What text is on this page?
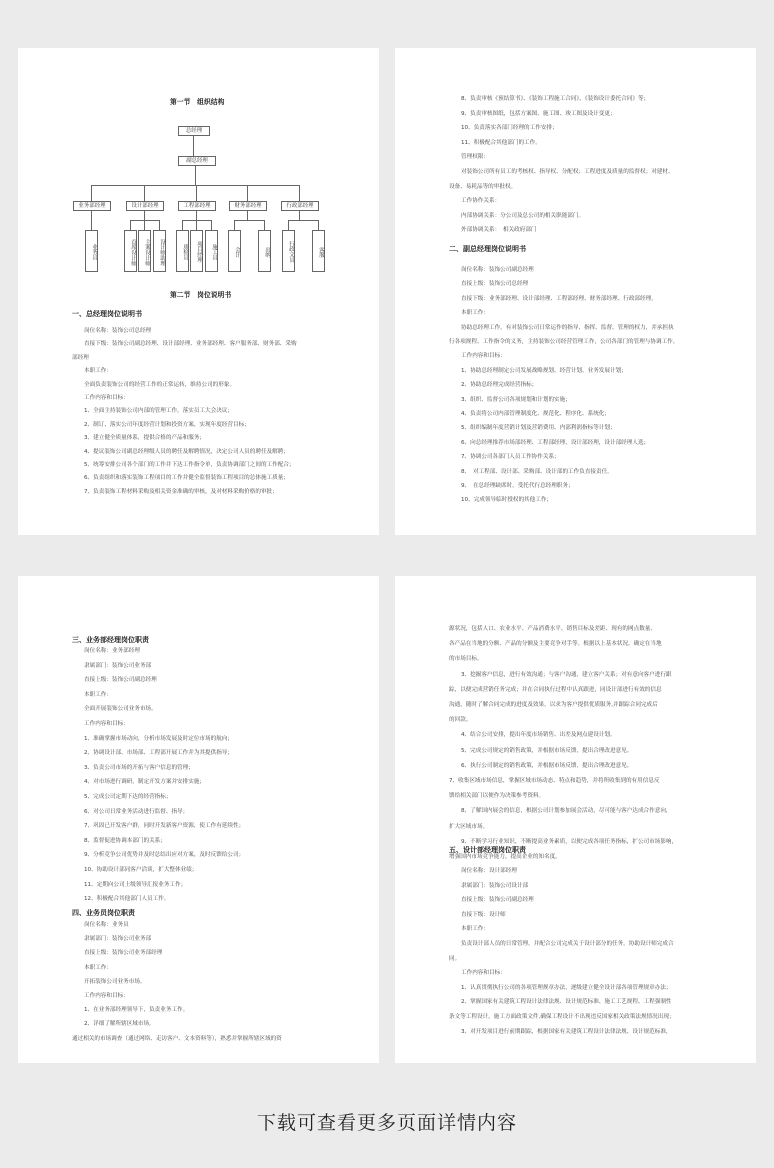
第一节　组织结构
总经理
副总经理
业务部经理	设计部经理	工程部经理	财务部经理	行政部经理
业务员	首席设计师	主案设计师	设计师助理	质检员	项目经理	施工员	会计	出纳	行政文员	客服
第二节　岗位说明书
一、总经理岗位说明书
岗位名称：装饰公司总经理
直接下级：装饰公司副总经理、设计部经理、业务部经理、客户服务部、财务部、采购
部经理
本职工作：
全面负责装饰公司的经营工作的正常运转，维持公司的形象。
工作内容和目标：
1、全面主持装饰公司内部的管理工作，落实员工大会决议；
2、制订、落实公司年度经营计划和投资方案，实现年度经营目标；
3、建立健全质量体系，提供合格的产品和服务；
4、提议装饰公司副总经理级人员的聘任及解聘情况，决定公司人员的聘任及解聘；
5、统筹安排公司各个部门的工作并下达工作指令单，负责协调部门之间的工作配合；
6、负责组织和落实装饰工程项目的工作并健全监督装饰工程项目的总体施工质量；
7、负责装饰工程材料采购及相关资金准确的审核，及对材料采购价格的审批；
8、负责审核《预结算书》、《装饰工程施工合同》、《装饰设计委托合同》等；
9、负责审核图纸，包括方案图、施工图、竣工图及设计变更；
10、负责落实各部门经理的工作安排；
11、积极配合其他部门的工作。
管理权限：
对装饰公司所有员工的考核权、指导权、分配权；工程进度及质量的监督权；对建材、
设备、易耗品等的审批权。
工作协作关系：
内部协调关系：分公司及总公司的相关职能部门。
外部协调关系：　相关政府部门
二、副总经理岗位说明书
岗位名称：装饰公司副总经理
直接上级：装饰公司总经理
直接下级：业务部经理、设计部经理、工程部经理、财务部经理、行政部经理。
本职工作：
协助总经理工作，有对装饰公司日常运作的指导、指挥、监督、管理的权力，并承担执
行各项规程、工作指令的义务，主持装饰公司经营管理工作，公司各部门的管理与协调工作。
工作内容和目标：
1、协助总经理制定公司发展战略规划、经营计划、业务发展计划；
2、协助总经理完成经营指标；
3、组织、监督公司各项规划和计划的实施；
4、负责将公司内部管理制度化、规范化、程序化、系统化；
5、组织编制年度营销计划及营销费用、内部利润指标等计划；
6、向总经理推荐市场部经理、工程部经理、设计部经理，设计部经理人选；
7、协调公司各部门人员工作协作关系；
8、　对工程部、设计部、采购部、设计部的工作负直接责任。
9、　在总经理缺席时，受托代行总经理职务；
10、完成领导临时授权的其他工作；
三、业务部经理岗位职责
岗位名称：业务部经理
隶属部门：装饰公司业务部
直接上级：装饰公司副总经理
本职工作：
全面开展装饰公司业务市场。
工作内容和目标：
1、准确掌握市场动向，分析市场发展及时定位市场的航向；
2、协调设计部、市场部、工程部开展工作并为其提供指导；
3、负责公司市场的开拓与客户信息的管理；
4、对市场进行调研，制定开发方案并安排实施；
5、完成公司定期下达的经营指标；
6、对公司日常业务活动进行监督、指导；
7、巩固已开发客户群，同时开发新客户资源，使工作有延续性；
8、监督促进协调本部门的关系；
9、分析竞争公司优势并及时总结出应对方案，及时反馈给公司；
10、协助设计部同客户洽谈，扩大整体业绩；
11、定期向公司上级领导汇报业务工作；
12、积极配合其他部门人员工作。
四、业务员岗位职责
岗位名称：业务员
隶属部门：装饰公司业务部
直接上级：装饰公司业务部经理
本职工作：
开拓装饰公司业务市场。
工作内容和目标：
1、在业务部经理领导下，负责业务工作。
2、详细了解所辖区域市场。
通过相关的市场调查（通过网络、走访客户、文本资料等），熟悉并掌握所辖区域的资
源状况，包括人口、农业水平、产品消费水平、销售目标及差距、现有的网点数量、
各产品在当地的分额、产品的分额及主要竞争对手等。根据以上基本状况，确定在当地
的市场目标。
3、挖掘客户信息，进行有效沟通；与客户沟通，建立客户关系；对有意向客户进行跟
踪，以便完成营销任务完成；并在合同执行过程中认真跟进，同设计部进行有效的信息
沟通，随时了解合同完成的进度及效果，以求为客户提供优质服务,并跟踪合同完成后
的回款。
4、结合公司安排，提出年度市场销售、出差及网点建设计划。
5、完成公司规定的销售政策，并根据市场反馈，提出合理改进意见。
6、执行公司制定的销售政策，并根据市场反馈，提出合理改进意见。
7、收集区域市场信息，掌握区域市场动态、特点和趋势，并将所收集到的有用信息反
馈给相关部门以便作为决策参考资料。
8、了解国内展会的信息，根据公司计划参加展会活动，尽可能与客户达成合作意向，
扩大区域市场。
9、不断学习行业知识，不断提高业务素质，以便完成各项任务指标，扩公司市场影响，
增强国内市场竞争能力，提高企业的知名度。
五、设计部经理岗位职责
岗位名称：设计部经理
隶属部门：装饰公司设计部
直接上级：装饰公司副总经理
直接下级：设计师
本职工作：
负责设计部人员的日常管理，并配合公司完成关于设计部分的任务。协助设计师完成合
同。
工作内容和目标：
1、认真贯彻执行公司的各项管理规章办法，逐级建立健全设计部各项管理规章办法；
2、掌握国家有关建筑工程设计法律法规、设计规范标准、施工工艺规程、工程强制性
条文等工程设计，施工方面政策文件,确保工程设计不出现违反国家相关政策法规情况出现；
3、对开发项目进行前期跟踪，根据国家有关建筑工程设计法律法规、设计规范标准，
下载可查看更多页面详情内容
